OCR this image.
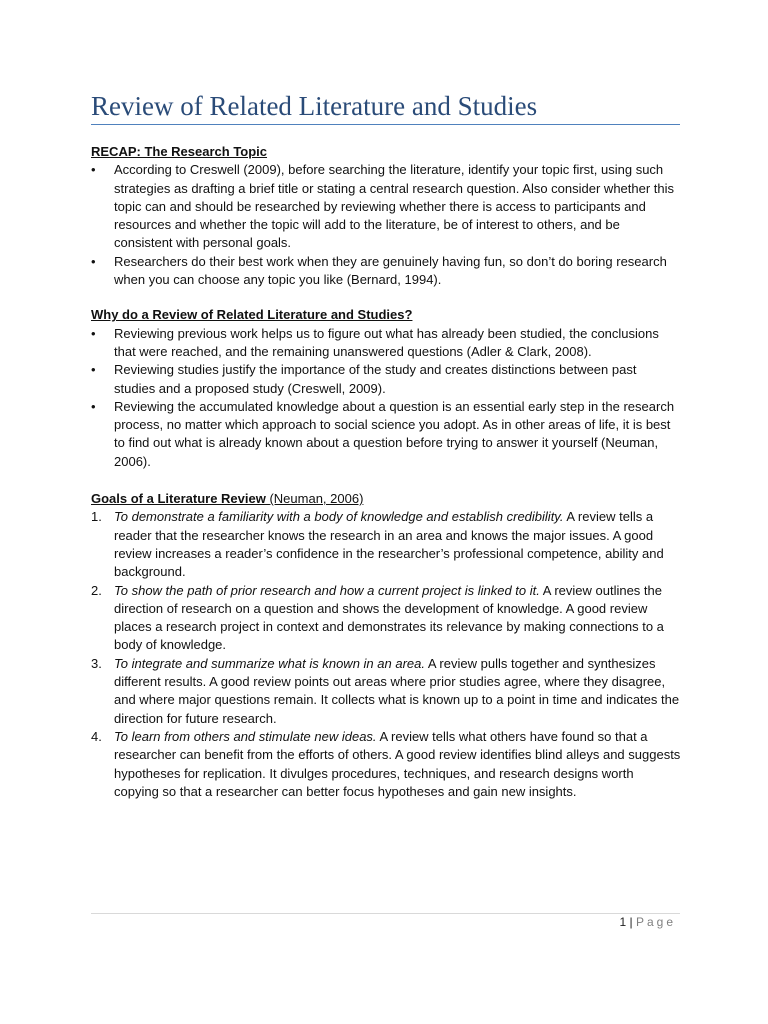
Review of Related Literature and Studies

RECAP: The Research Topic

•	According to Creswell (2009), before searching the literature, identify your topic first, using such strategies as drafting a brief title or stating a central research question. Also consider whether this topic can and should be researched by reviewing whether there is access to participants and resources and whether the topic will add to the literature, be of interest to others, and be consistent with personal goals.
•	Researchers do their best work when they are genuinely having fun, so don’t do boring research when you can choose any topic you like (Bernard, 1994).

Why do a Review of Related Literature and Studies?

•	Reviewing previous work helps us to figure out what has already been studied, the conclusions that were reached, and the remaining unanswered questions (Adler & Clark, 2008).
•	Reviewing studies justify the importance of the study and creates distinctions between past studies and a proposed study (Creswell, 2009).
•	Reviewing the accumulated knowledge about a question is an essential early step in the research process, no matter which approach to social science you adopt. As in other areas of life, it is best to find out what is already known about a question before trying to answer it yourself (Neuman, 2006).

Goals of a Literature Review (Neuman, 2006)

1. To demonstrate a familiarity with a body of knowledge and establish credibility. A review tells a reader that the researcher knows the research in an area and knows the major issues. A good review increases a reader’s confidence in the researcher’s professional competence, ability and background.
2. To show the path of prior research and how a current project is linked to it. A review outlines the direction of research on a question and shows the development of knowledge. A good review places a research project in context and demonstrates its relevance by making connections to a body of knowledge.
3. To integrate and summarize what is known in an area. A review pulls together and synthesizes different results. A good review points out areas where prior studies agree, where they disagree, and where major questions remain. It collects what is known up to a point in time and indicates the direction for future research.
4. To learn from others and stimulate new ideas. A review tells what others have found so that a researcher can benefit from the efforts of others. A good review identifies blind alleys and suggests hypotheses for replication. It divulges procedures, techniques, and research designs worth copying so that a researcher can better focus hypotheses and gain new insights.
1 | Page
